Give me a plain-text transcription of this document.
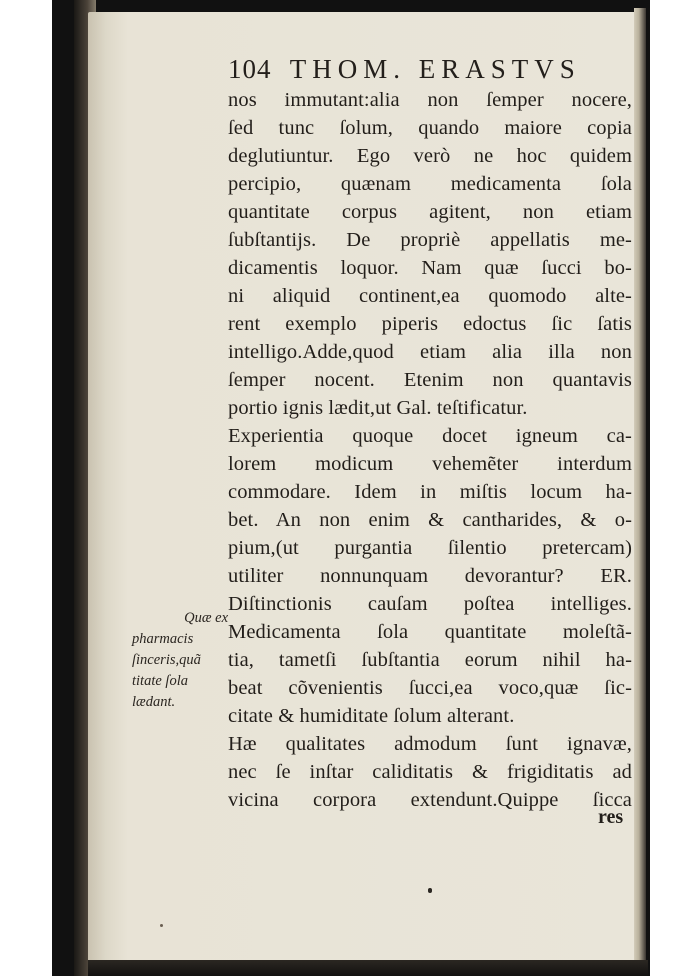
104 THOM. ERASTVS
nos immutant:alia non ſemper nocere,
ſed tunc ſolum, quando maiore copia
deglutiuntur. Ego verò ne hoc quidem
percipio, quænam medicamenta ſola
quantitate corpus agitent, non etiam
ſubſtantijs. De propriè appellatis me-
dicamentis loquor. Nam quæ ſucci bo-
ni aliquid continent,ea quomodo alte-
rent exemplo piperis edoctus ſic ſatis
intelligo.Adde,quod etiam alia illa non
ſemper nocent. Etenim non quantavis
portio ignis lædit,ut Gal. teſtificatur.
Experientia quoque docet igneum ca-
lorem modicum vehemẽter interdum
commodare. Idem in miſtis locum ha-
bet. An non enim & cantharides, & o-
pium,(ut purgantia ſilentio pretercam)
utiliter nonnunquam devorantur? ER.
Diſtinctionis cauſam poſtea intelliges.
Medicamenta ſola quantitate moleſtã-
tia, tametſi ſubſtantia eorum nihil ha-
beat cõvenientis ſucci,ea voco,quæ ſic-
citate & humiditate ſolum alterant.
Hæ qualitates admodum ſunt ignavæ,
nec ſe inſtar caliditatis & frigiditatis ad
vicina corpora extendunt.Quippe ſicca
res
Quæ ex
pharmacis
ſinceris,quã
titate ſola
lædant.
